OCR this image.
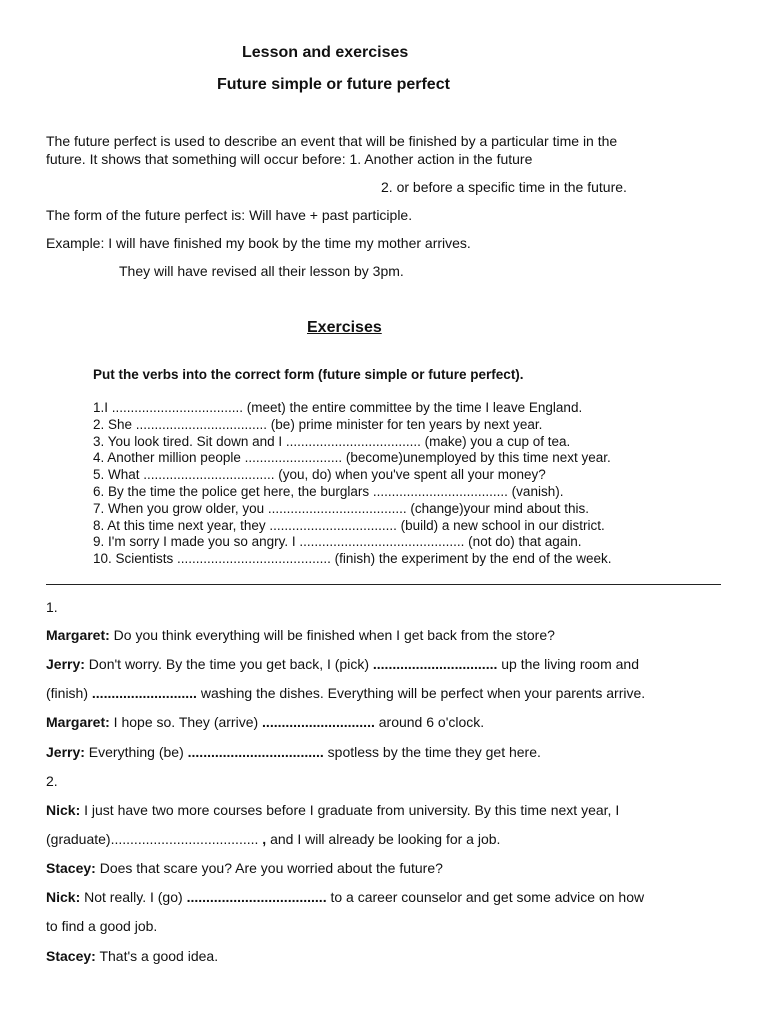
Lesson and exercises
Future simple or future perfect
The future perfect is used to describe an event that will be finished by a particular time in the
future. It shows that something will occur before: 1. Another action in the future
2. or before a specific time in the future.
The form of the future perfect is: Will have + past participle.
Example: I will have finished my book by the time my mother arrives.
They will have revised all their lesson by 3pm.
Exercises
Put the verbs into the correct form (future simple or future perfect).
1.I ................................... (meet) the entire committee by the time I leave England.
2. She ................................... (be) prime minister for ten years by next year.
3. You look tired. Sit down and I .................................... (make) you a cup of tea.
4. Another million people .......................... (become)unemployed by this time next year.
5. What ................................... (you, do) when you've spent all your money?
6. By the time the police get here, the burglars .................................... (vanish).
7. When you grow older, you ..................................... (change)your mind about this.
8. At this time next year, they .................................. (build) a new school in our district.
9. I'm sorry I made you so angry. I ............................................ (not do) that again.
10. Scientists ......................................... (finish) the experiment by the end of the week.
1.
Margaret: Do you think everything will be finished when I get back from the store?
Jerry: Don't worry. By the time you get back, I (pick) ................................ up the living room and
(finish) ........................... washing the dishes. Everything will be perfect when your parents arrive.
Margaret: I hope so. They (arrive) ............................. around 6 o'clock.
Jerry: Everything (be) ................................... spotless by the time they get here.
2.
Nick: I just have two more courses before I graduate from university. By this time next year, I
(graduate)...................................... , and I will already be looking for a job.
Stacey: Does that scare you? Are you worried about the future?
Nick: Not really. I (go) .................................... to a career counselor and get some advice on how
to find a good job.
Stacey: That's a good idea.
